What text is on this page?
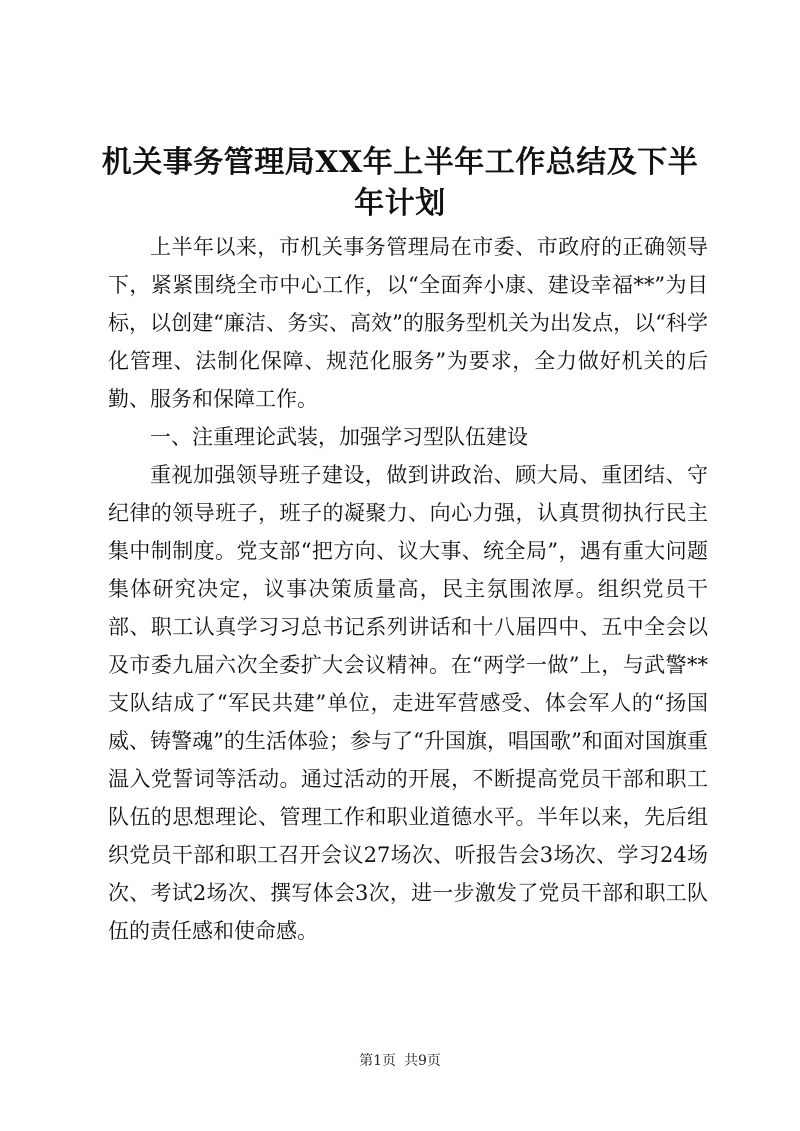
机关事务管理局XX年上半年工作总结及下半年计划

上半年以来，市机关事务管理局在市委、市政府的正确领导下，紧紧围绕全市中心工作，以“全面奔小康、建设幸福**”为目标，以创建“廉洁、务实、高效”的服务型机关为出发点，以“科学化管理、法制化保障、规范化服务”为要求，全力做好机关的后勤、服务和保障工作。

一、注重理论武装，加强学习型队伍建设

重视加强领导班子建设，做到讲政治、顾大局、重团结、守纪律的领导班子，班子的凝聚力、向心力强，认真贯彻执行民主集中制制度。党支部“把方向、议大事、统全局”，遇有重大问题集体研究决定，议事决策质量高，民主氛围浓厚。组织党员干部、职工认真学习习总书记系列讲话和十八届四中、五中全会以及市委九届六次全委扩大会议精神。在“两学一做”上，与武警**支队结成了“军民共建”单位，走进军营感受、体会军人的“扬国威、铸警魂”的生活体验；参与了“升国旗，唱国歌”和面对国旗重温入党誓词等活动。通过活动的开展，不断提高党员干部和职工队伍的思想理论、管理工作和职业道德水平。半年以来，先后组织党员干部和职工召开会议27场次、听报告会3场次、学习24场次、考试2场次、撰写体会3次，进一步激发了党员干部和职工队伍的责任感和使命感。

第1页 共9页
